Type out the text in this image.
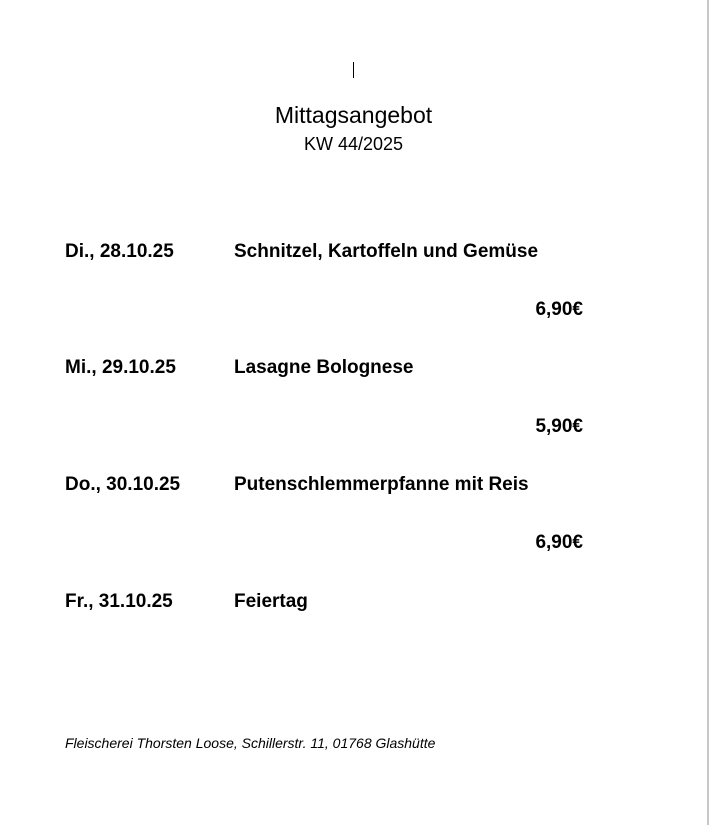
Mittagsangebot
KW 44/2025
Di., 28.10.25	Schnitzel, Kartoffeln und Gemüse
6,90€
Mi., 29.10.25	Lasagne Bolognese
5,90€
Do., 30.10.25	Putenschlemmerpfanne mit Reis
6,90€
Fr., 31.10.25	Feiertag
Fleischerei Thorsten Loose, Schillerstr. 11, 01768 Glashütte
